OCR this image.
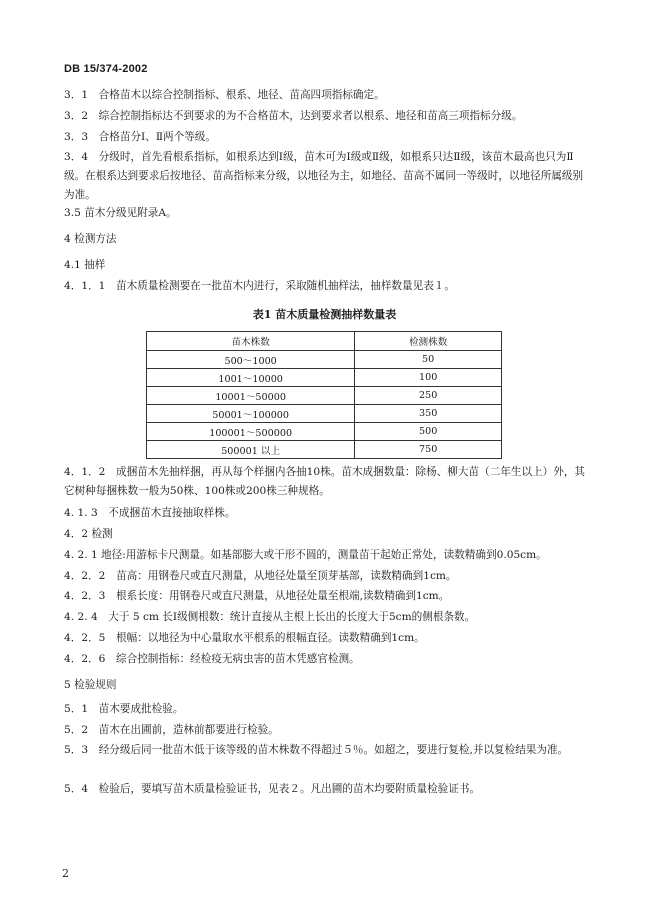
DB 15/374-2002
3．1　合格苗木以综合控制指标、根系、地径、苗高四项指标确定。
3．2　综合控制指标达不到要求的为不合格苗木，达到要求者以根系、地径和苗高三项指标分级。
3．3　合格苗分Ⅰ、Ⅱ两个等级。
3．4　分级时，首先看根系指标，如根系达到Ⅰ级，苗木可为Ⅰ级或Ⅱ级，如根系只达Ⅱ级，该苗木最高也只为Ⅱ级。在根系达到要求后按地径、苗高指标来分级，以地径为主，如地径、苗高不属同一等级时，以地径所属级别为准。
3.5 苗木分级见附录A。
4 检测方法
4.1 抽样
4．1．1　苗木质量检测要在一批苗木内进行，采取随机抽样法，抽样数量见表１。
表1 苗木质量检测抽样数量表
苗木株数	检测株数
500～1000	50
1001～10000	100
10001～50000	250
50001～100000	350
100001～500000	500
500001 以上	750
4．1．2　成捆苗木先抽样捆，再从每个样捆内各抽10株。苗木成捆数量：除杨、柳大苗（二年生以上）外，其它树种每捆株数一般为50株、100株或200株三种规格。
4. 1. 3　不成捆苗木直接抽取样株。
4．2 检测
4. 2. 1 地径:用游标卡尺测量。如基部膨大或干形不圆的，测量苗干起始正常处，读数精确到0.05cm。
4．2．2　苗高：用钢卷尺或直尺测量，从地径处量至顶芽基部，读数精确到1cm。
4．2．3　根系长度：用钢卷尺或直尺测量，从地径处量至根端,读数精确到1cm。
4. 2. 4　大于 5 cm 长Ⅰ级侧根数：统计直接从主根上长出的长度大于5cm的侧根条数。
4．2．5　根幅：以地径为中心量取水平根系的根幅直径。读数精确到1cm。
4．2．6　综合控制指标：经检疫无病虫害的苗木凭感官检测。
5 检验规则
5．1　苗木要成批检验。
5．2　苗木在出圃前，造林前都要进行检验。
5．3　经分级后同一批苗木低于该等级的苗木株数不得超过５％。如超之，要进行复检,并以复检结果为准。
5．4　检验后，要填写苗木质量检验证书，见表２。凡出圃的苗木均要附质量检验证书。
2
